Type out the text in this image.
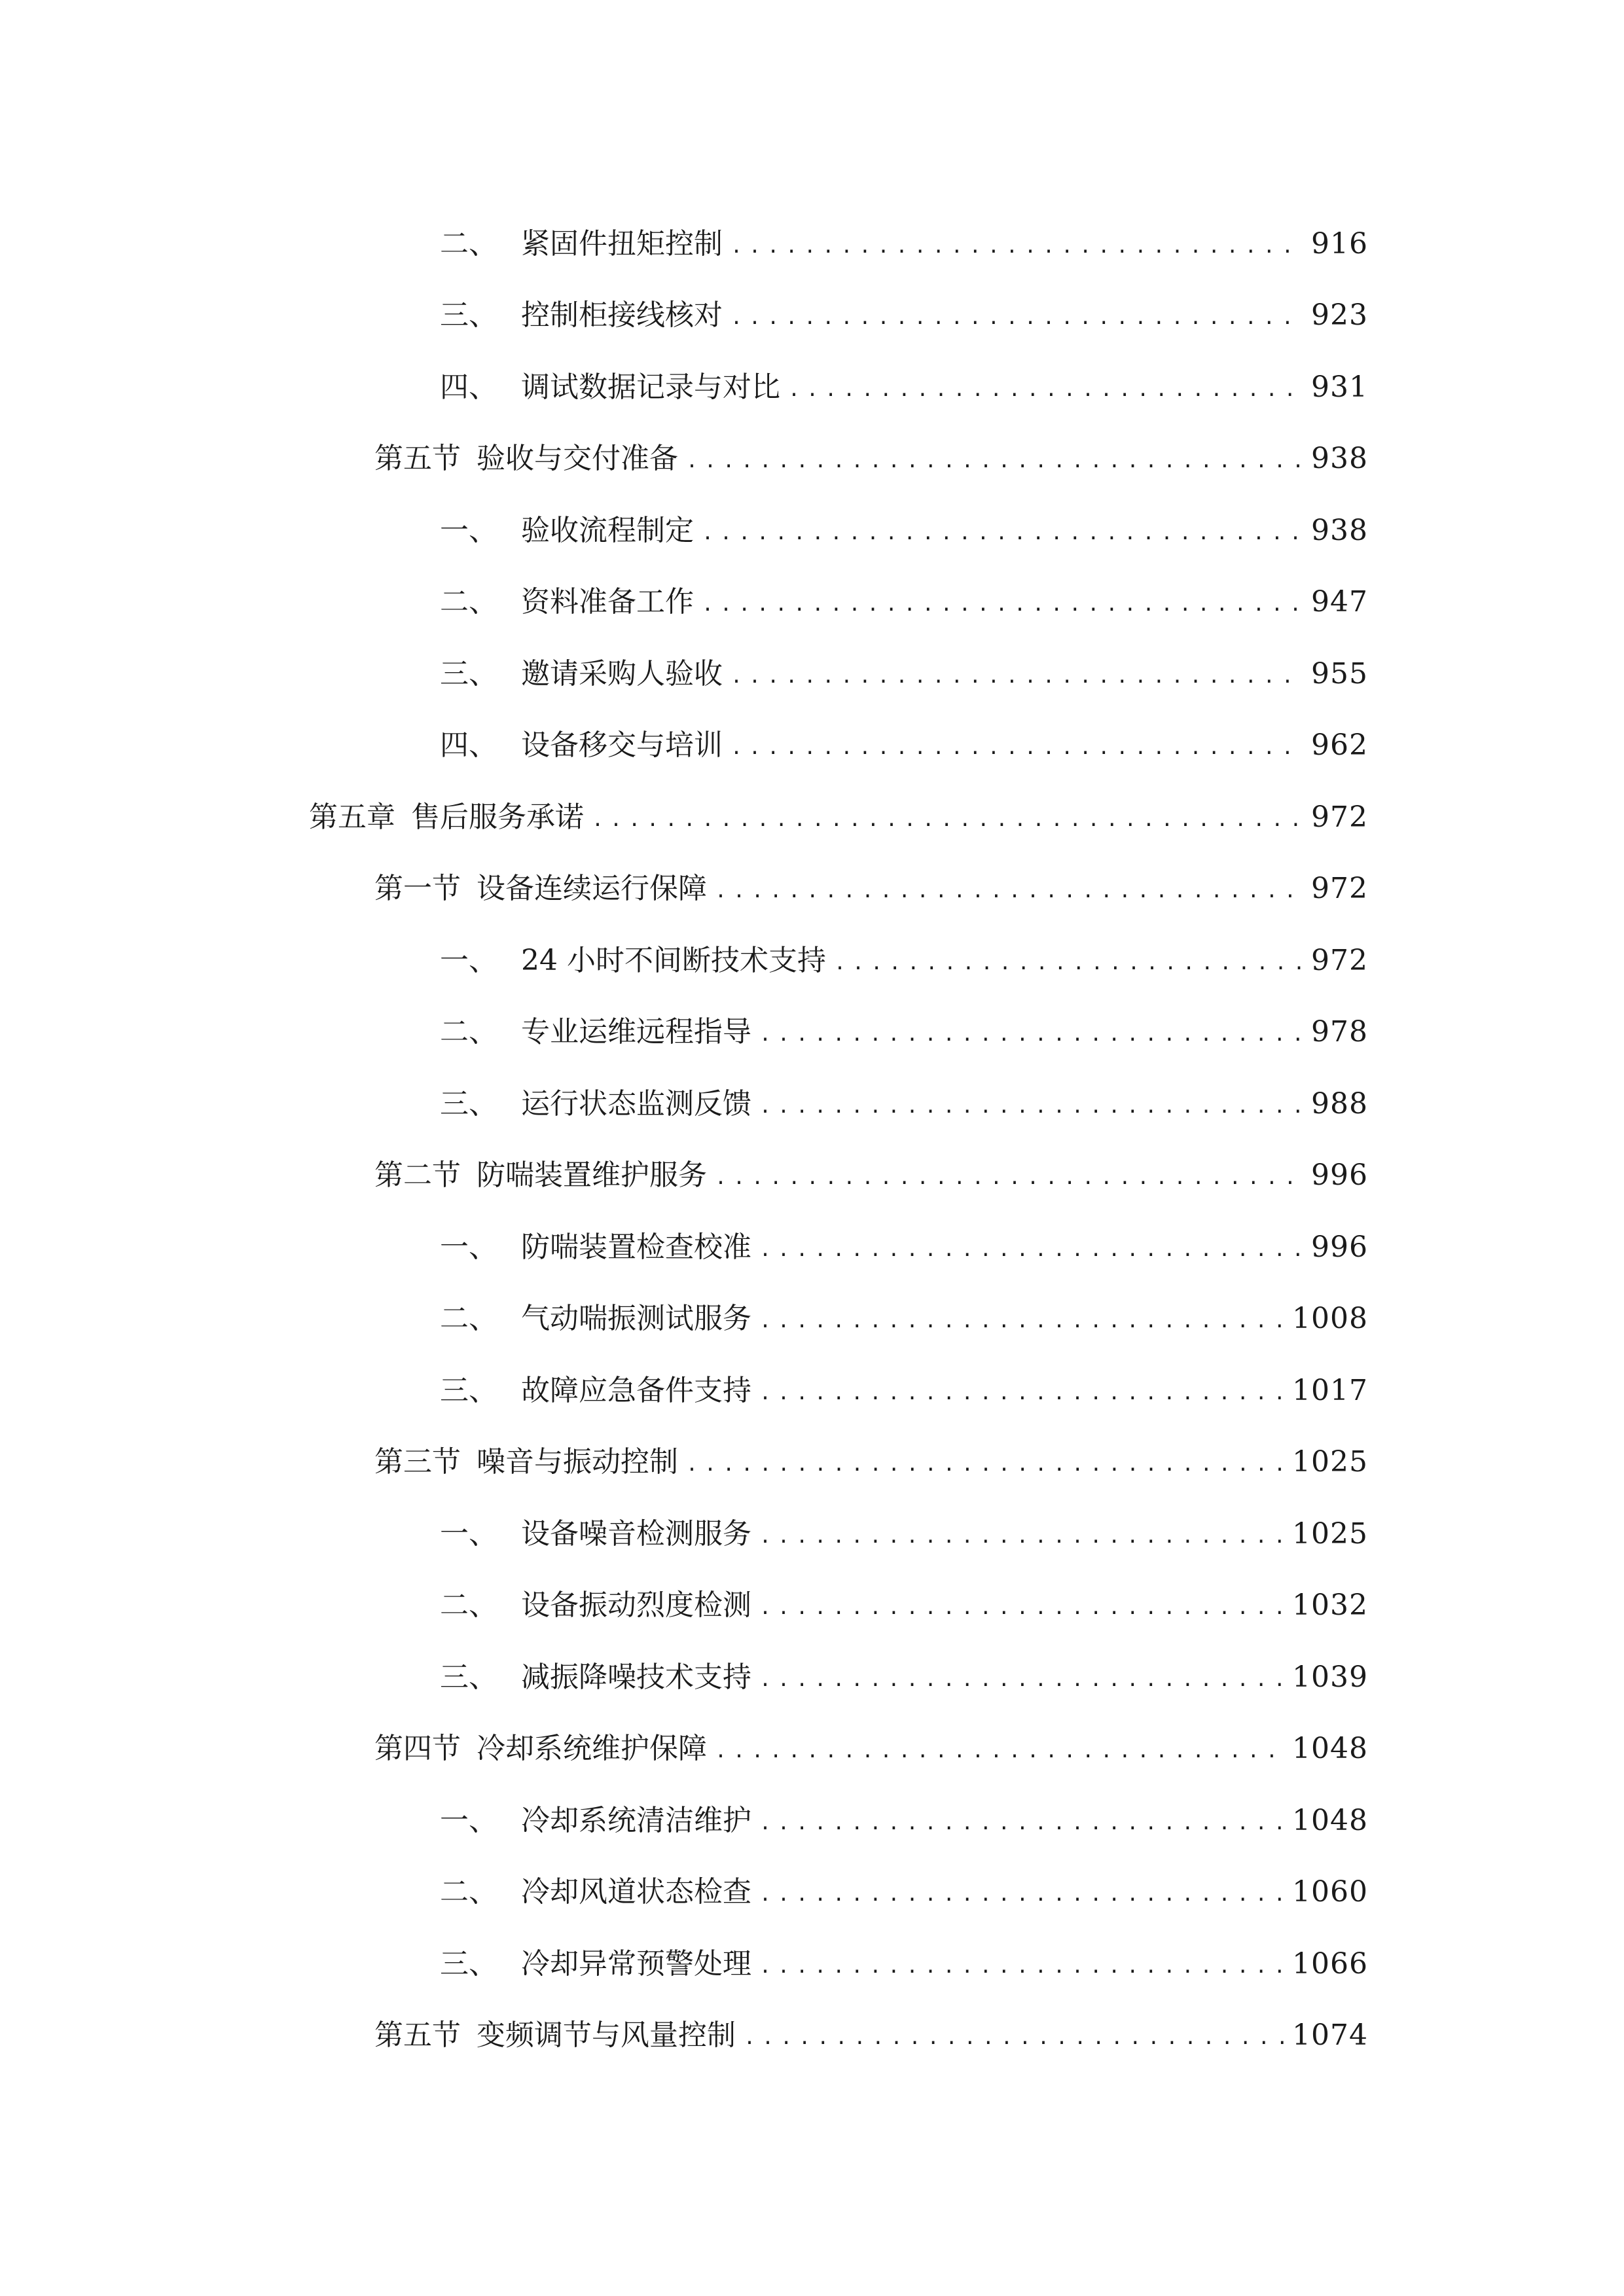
二、 紧固件扭矩控制 .....	916
三、 控制柜接线核对 .....	923
四、 调试数据记录与对比 .....	931
第五节 验收与交付准备 .....	938
一、 验收流程制定 .....	938
二、 资料准备工作 .....	947
三、 邀请采购人验收 .....	955
四、 设备移交与培训 .....	962
第五章 售后服务承诺 .....	972
第一节 设备连续运行保障 .....	972
一、 24 小时不间断技术支持 .....	972
二、 专业运维远程指导 .....	978
三、 运行状态监测反馈 .....	988
第二节 防喘装置维护服务 .....	996
一、 防喘装置检查校准 .....	996
二、 气动喘振测试服务 .....	1008
三、 故障应急备件支持 .....	1017
第三节 噪音与振动控制 .....	1025
一、 设备噪音检测服务 .....	1025
二、 设备振动烈度检测 .....	1032
三、 减振降噪技术支持 .....	1039
第四节 冷却系统维护保障 .....	1048
一、 冷却系统清洁维护 .....	1048
二、 冷却风道状态检查 .....	1060
三、 冷却异常预警处理 .....	1066
第五节 变频调节与风量控制 .....	1074
